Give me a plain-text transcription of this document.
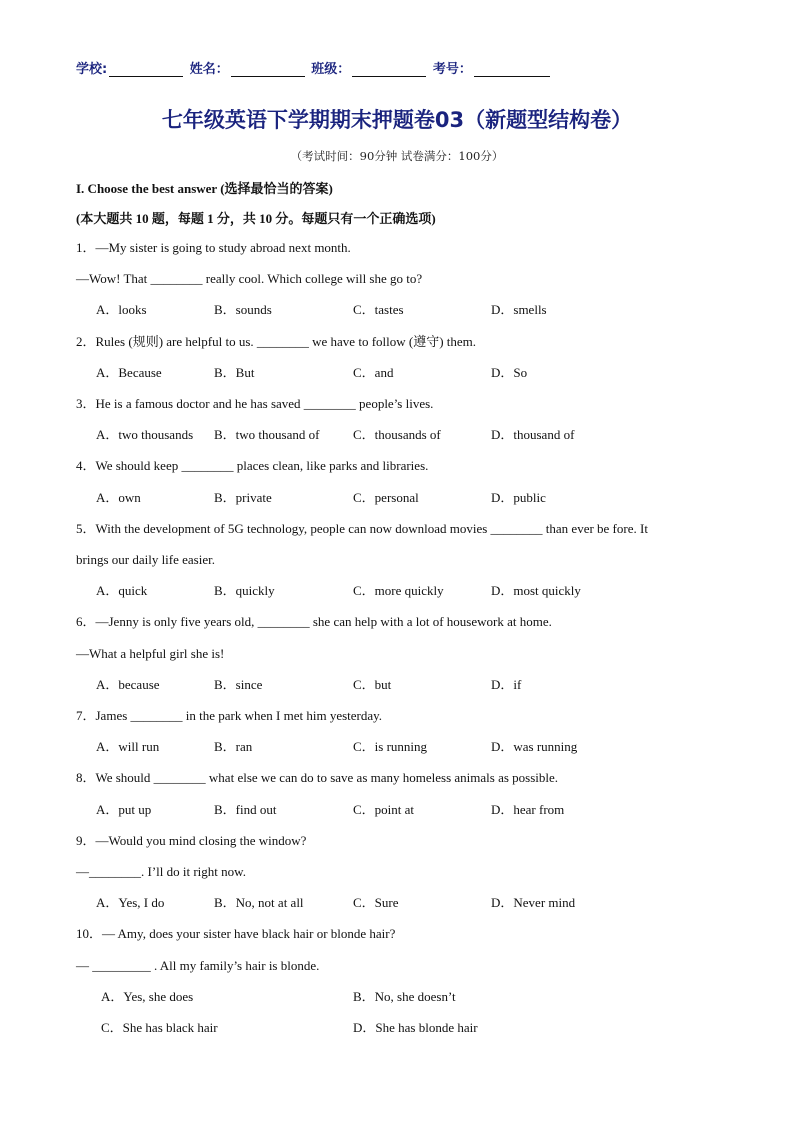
学校:	姓名：	班级：	考号：
七年级英语下学期期末押题卷03（新题型结构卷）
（考试时间：90分钟 试卷满分：100分）
I. Choose the best answer (选择最恰当的答案)
(本大题共 10 题，每题 1 分，共 10 分。每题只有一个正确选项)
1．—My sister is going to study abroad next month.
—Wow! That ________ really cool. Which college will she go to?
A．looks	B．sounds	C．tastes	D．smells
2．Rules (规则) are helpful to us. ________ we have to follow (遵守) them.
A．Because	B．But	C．and	D．So
3．He is a famous doctor and he has saved ________ people’s lives.
A．two thousands B．two thousand of	C．thousands of	D．thousand of
4．We should keep ________ places clean, like parks and libraries.
A．own	B．private	C．personal	D．public
5．With the development of 5G technology, people can now download movies ________ than ever be fore. It
brings our daily life easier.
A．quick	B．quickly	C．more quickly	D．most quickly
6．—Jenny is only five years old, ________ she can help with a lot of housework at home.
—What a helpful girl she is!
A．because	B．since	C．but	D．if
7．James ________ in the park when I met him yesterday.
A．will run	B．ran	C．is running	D．was running
8．We should ________ what else we can do to save as many homeless animals as possible.
A．put up	B．find out	C．point at	D．hear from
9．—Would you mind closing the window?
—________. I’ll do it right now.
A．Yes, I do	B．No, not at all	C．Sure	D．Never mind
10．— Amy, does your sister have black hair or blonde hair?
— _________ . All my family’s hair is blonde.
A．Yes, she does	B．No, she doesn’t
C．She has black hair	D．She has blonde hair
